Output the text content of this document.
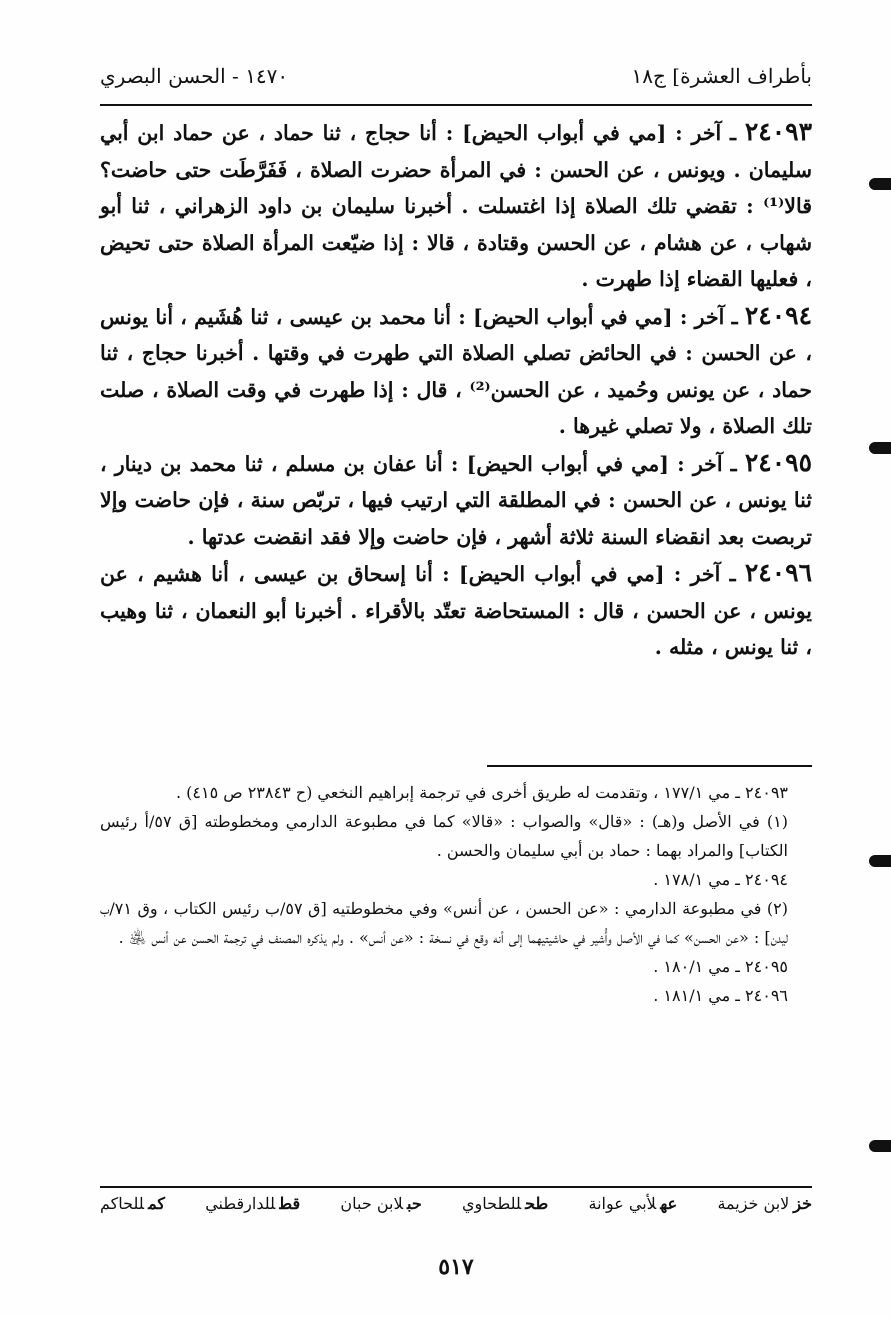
بأطراف العشرة] ج١٨
١٤٧٠ - الحسن البصري
٢٤٠٩٣ ـ آخر : [مي في أبواب الحيض] : أنا حجاج ، ثنا حماد ، عن حماد ابن أبي سليمان . ويونس ، عن الحسن : في المرأة حضرت الصلاة ، فَفَرَّطَت حتى حاضت؟ قالا⁽¹⁾ : تقضي تلك الصلاة إذا اغتسلت . أخبرنا سليمان بن داود الزهراني ، ثنا أبو شهاب ، عن هشام ، عن الحسن وقتادة ، قالا : إذا ضيّعت المرأة الصلاة حتى تحيض ، فعليها القضاء إذا طهرت .
٢٤٠٩٤ ـ آخر : [مي في أبواب الحيض] : أنا محمد بن عيسى ، ثنا هُشَيم ، أنا يونس ، عن الحسن : في الحائض تصلي الصلاة التي طهرت في وقتها . أخبرنا حجاج ، ثنا حماد ، عن يونس وحُميد ، عن الحسن⁽²⁾ ، قال : إذا طهرت في وقت الصلاة ، صلت تلك الصلاة ، ولا تصلي غيرها .
٢٤٠٩٥ ـ آخر : [مي في أبواب الحيض] : أنا عفان بن مسلم ، ثنا محمد بن دينار ، ثنا يونس ، عن الحسن : في المطلقة التي ارتيب فيها ، تربّص سنة ، فإن حاضت وإلا تربصت بعد انقضاء السنة ثلاثة أشهر ، فإن حاضت وإلا فقد انقضت عدتها .
٢٤٠٩٦ ـ آخر : [مي في أبواب الحيض] : أنا إسحاق بن عيسى ، أنا هشيم ، عن يونس ، عن الحسن ، قال : المستحاضة تعتّد بالأقراء . أخبرنا أبو النعمان ، ثنا وهيب ، ثنا يونس ، مثله .

٢٤٠٩٣ ـ مي ١٧٧/١ ، وتقدمت له طريق أخرى في ترجمة إبراهيم النخعي (ح ٢٣٨٤٣ ص ٤١٥) .

(١) في الأصل و(هـ) : «قال» والصواب : «قالا» كما في مطبوعة الدارمي ومخطوطته [ق ٥٧/أ رئيس الكتاب] والمراد بهما : حماد بن أبي سليمان والحسن .

٢٤٠٩٤ ـ مي ١٧٨/١ .

(٢) في مطبوعة الدارمي : «عن الحسن ، عن أنس» وفي مخطوطتيه [ق ٥٧/ب رئيس الكتاب ، وق ٧١/ب ليدن] : «عن الحسن» كما في الأصل وأُشير في حاشيتيهما إلى أنه وقع في نسخة : «عن أنس» . ولم يذكره المصنف في ترجمة الحسن عن أنس ﵁ .

٢٤٠٩٥ ـ مي ١٨٠/١ .

٢٤٠٩٦ ـ مي ١٨١/١ .

خزلابن خزيمة
عهلأبي عوانة
طحللطحاوي
حبلابن حبان
قطللدارقطني
كمللحاكم
٥١٧
